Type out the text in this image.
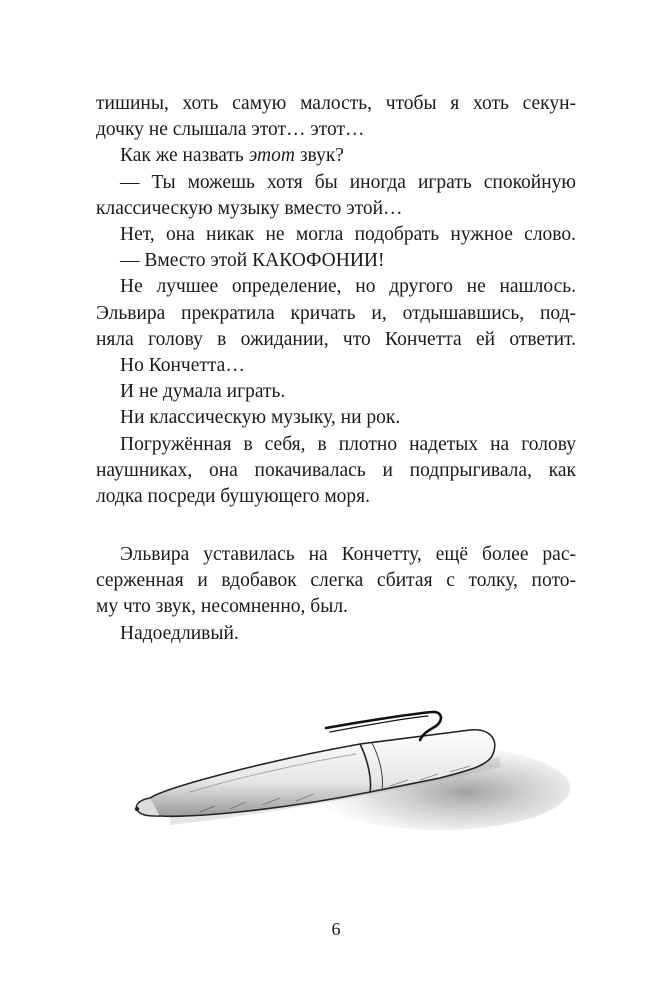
тишины, хоть самую малость, чтобы я хоть секун-
дочку не слышала этот… этот…
Как же назвать этот звук?
— Ты можешь хотя бы иногда играть спокойную
классическую музыку вместо этой…
Нет, она никак не могла подобрать нужное слово.
— Вместо этой КАКОФОНИИ!
Не лучшее определение, но другого не нашлось.
Эльвира прекратила кричать и, отдышавшись, под-
няла голову в ожидании, что Кончетта ей ответит.
Но Кончетта…
И не думала играть.
Ни классическую музыку, ни рок.
Погружённая в себя, в плотно надетых на голову
наушниках, она покачивалась и подпрыгивала, как
лодка посреди бушующего моря.
Эльвира уставилась на Кончетту, ещё более рас-
серженная и вдобавок слегка сбитая с толку, пото-
му что звук, несомненно, был.
Надоедливый.
6
